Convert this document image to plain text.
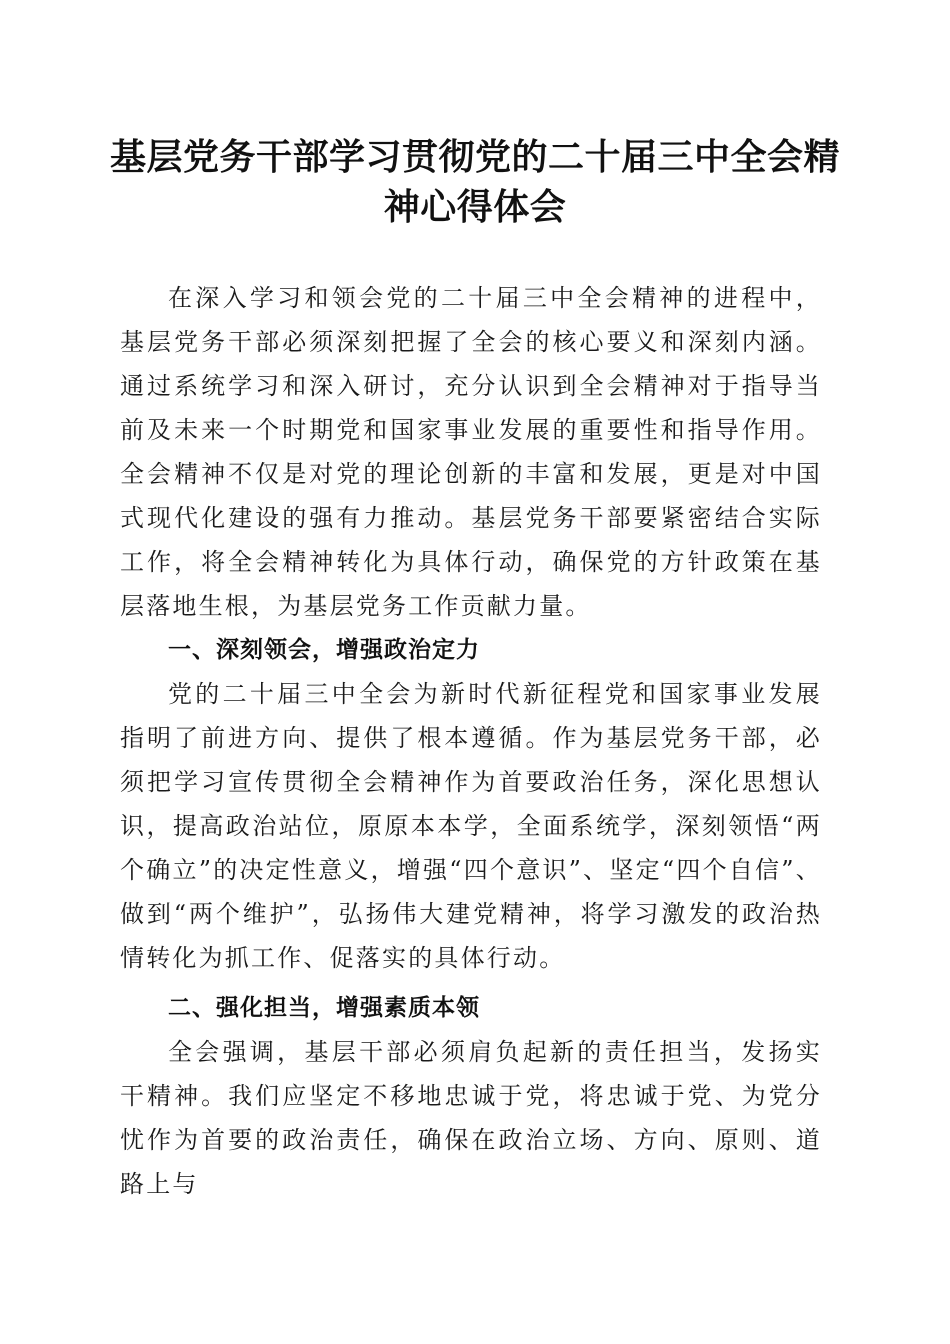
基层党务干部学习贯彻党的二十届三中全会精神心得体会

在深入学习和领会党的二十届三中全会精神的进程中，基层党务干部必须深刻把握了全会的核心要义和深刻内涵。通过系统学习和深入研讨，充分认识到全会精神对于指导当前及未来一个时期党和国家事业发展的重要性和指导作用。全会精神不仅是对党的理论创新的丰富和发展，更是对中国式现代化建设的强有力推动。基层党务干部要紧密结合实际工作，将全会精神转化为具体行动，确保党的方针政策在基层落地生根，为基层党务工作贡献力量。

一、深刻领会，增强政治定力

党的二十届三中全会为新时代新征程党和国家事业发展指明了前进方向、提供了根本遵循。作为基层党务干部，必须把学习宣传贯彻全会精神作为首要政治任务，深化思想认识，提高政治站位，原原本本学，全面系统学，深刻领悟“两个确立”的决定性意义，增强“四个意识”、坚定“四个自信”、做到“两个维护”，弘扬伟大建党精神，将学习激发的政治热情转化为抓工作、促落实的具体行动。

二、强化担当，增强素质本领

全会强调，基层干部必须肩负起新的责任担当，发扬实干精神。我们应坚定不移地忠诚于党，将忠诚于党、为党分忧作为首要的政治责任，确保在政治立场、方向、原则、道路上与
